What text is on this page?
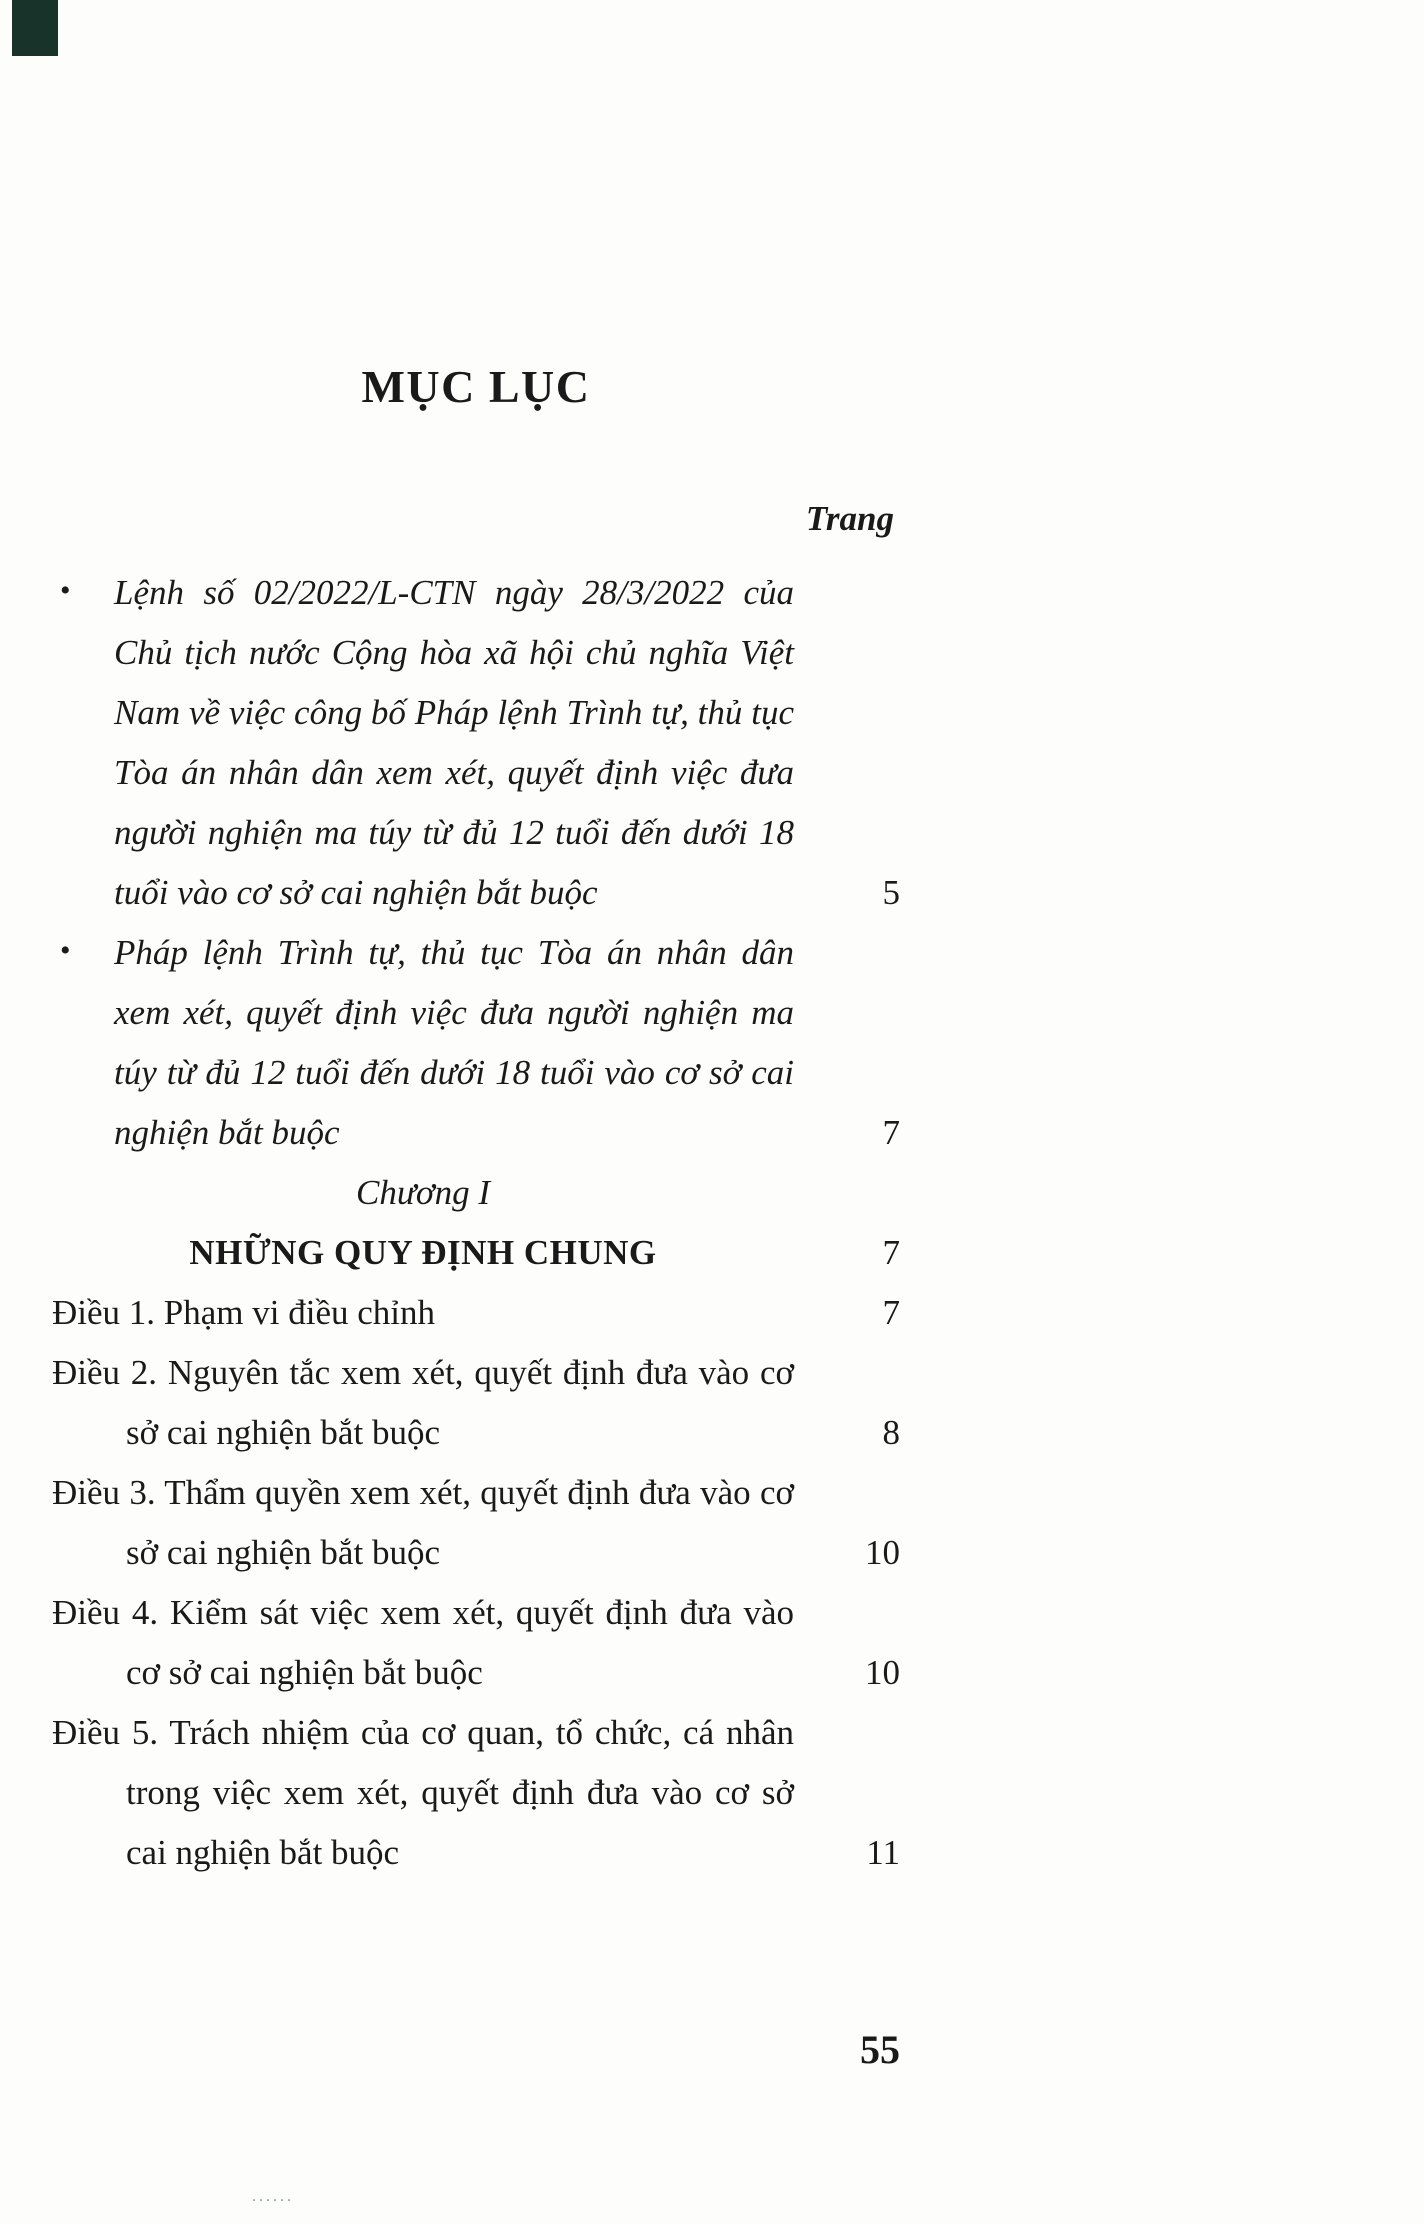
MỤC LỤC
Trang
• Lệnh số 02/2022/L-CTN ngày 28/3/2022 của Chủ tịch nước Cộng hòa xã hội chủ nghĩa Việt Nam về việc công bố Pháp lệnh Trình tự, thủ tục Tòa án nhân dân xem xét, quyết định việc đưa người nghiện ma túy từ đủ 12 tuổi đến dưới 18 tuổi vào cơ sở cai nghiện bắt buộc	5
• Pháp lệnh Trình tự, thủ tục Tòa án nhân dân xem xét, quyết định việc đưa người nghiện ma túy từ đủ 12 tuổi đến dưới 18 tuổi vào cơ sở cai nghiện bắt buộc	7
Chương I
NHỮNG QUY ĐỊNH CHUNG	7
Điều 1. Phạm vi điều chỉnh	7
Điều 2. Nguyên tắc xem xét, quyết định đưa vào cơ sở cai nghiện bắt buộc	8
Điều 3. Thẩm quyền xem xét, quyết định đưa vào cơ sở cai nghiện bắt buộc	10
Điều 4. Kiểm sát việc xem xét, quyết định đưa vào cơ sở cai nghiện bắt buộc	10
Điều 5. Trách nhiệm của cơ quan, tổ chức, cá nhân trong việc xem xét, quyết định đưa vào cơ sở cai nghiện bắt buộc	11
55
......
